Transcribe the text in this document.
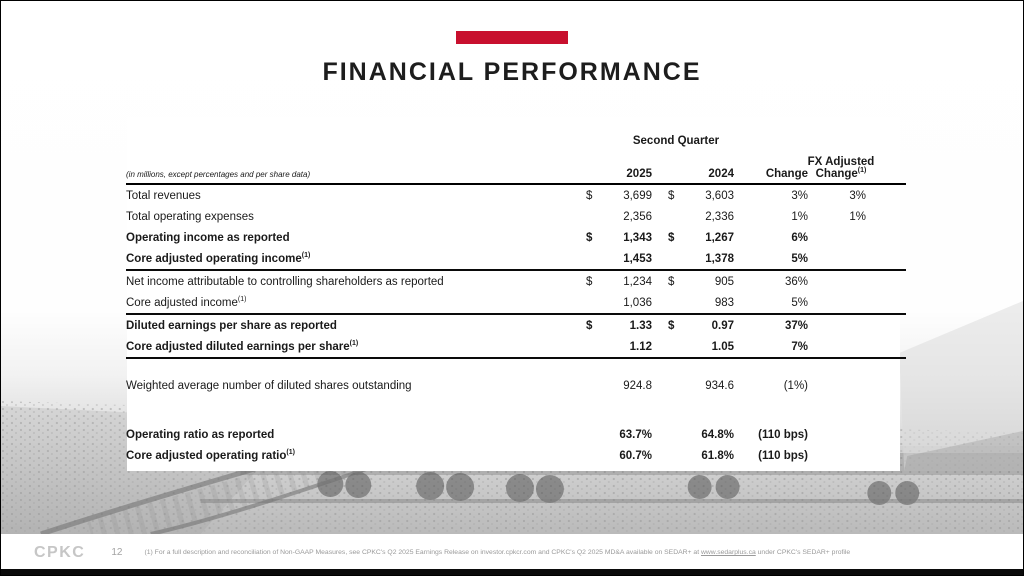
FINANCIAL PERFORMANCE
Second Quarter
(in millions, except percentages and per share data)	2025	2024	Change
FX Adjusted
Change$^{(1)}$
Total revenues	$	3,699 $	3,603	3%	3%
Total operating expenses	2,356	2,336	1%	1%
Operating income as reported	$	1,343 $	1,267	6%
Core adjusted operating income$^{(1)}$	1,453	1,378	5%
Net income attributable to controlling shareholders as reported	$	1,234 $	905	36%
Core adjusted income$^{(1)}$	1,036	983	5%
Diluted earnings per share as reported	$	1.33 $	0.97	37%
Core adjusted diluted earnings per share$^{(1)}$	1.12	1.05	7%
Weighted average number of diluted shares outstanding	924.8	934.6	(1%)
Operating ratio as reported	63.7%	64.8%	(110 bps)
Core adjusted operating ratio$^{(1)}$	60.7%	61.8%	(110 bps)
CPKC	12	(1) For a full description and reconciliation of Non-GAAP Measures, see CPKC's Q2 2025 Earnings Release on investor.cpkcr.com and CPKC's Q2 2025 MD&A available on SEDAR+ at www.sedarplus.ca under CPKC's SEDAR+ profile
